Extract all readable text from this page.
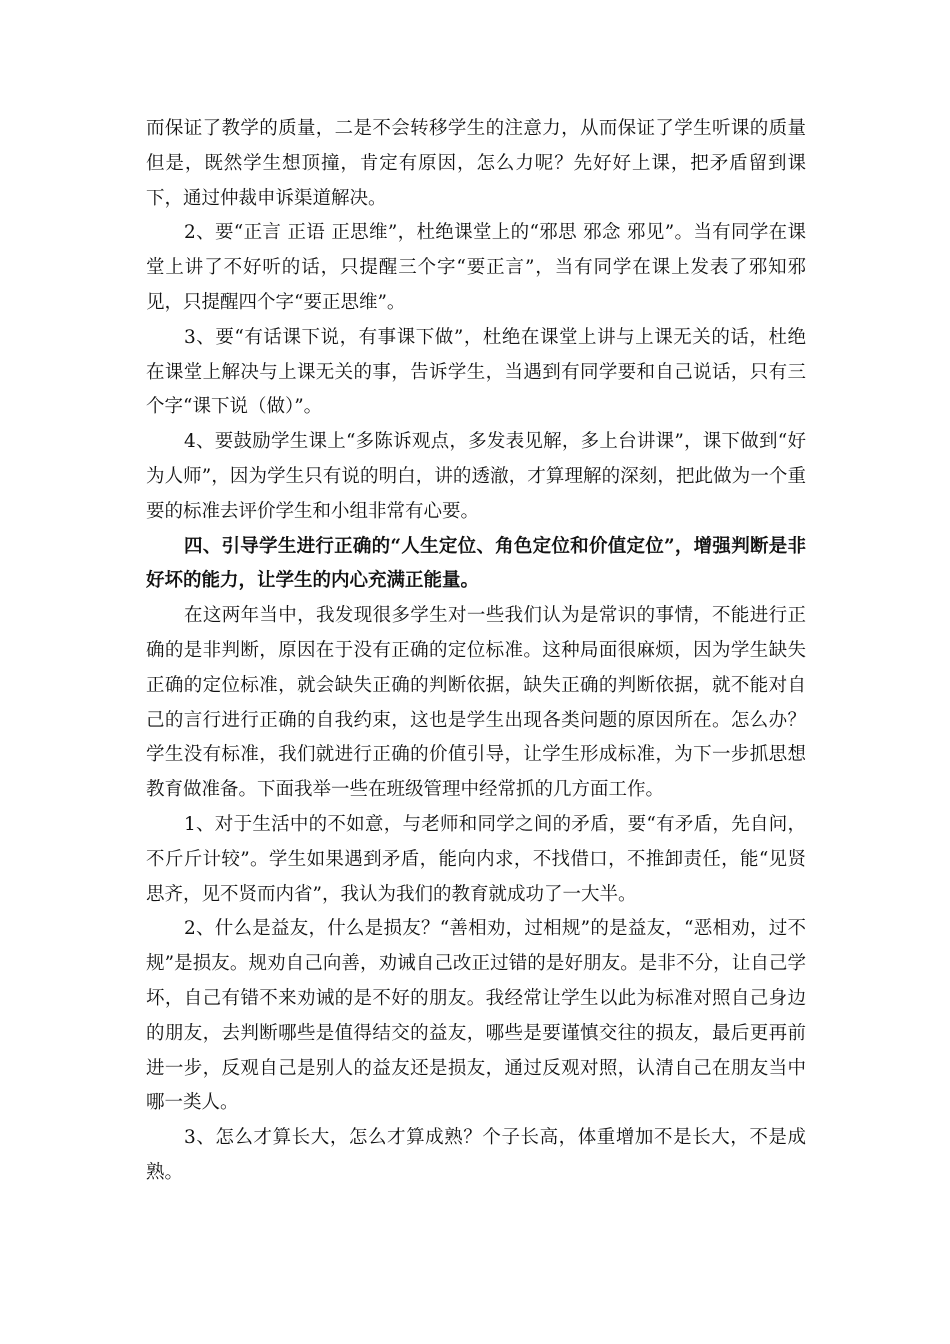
而保证了教学的质量，二是不会转移学生的注意力，从而保证了学生听课的质量但是，既然学生想顶撞，肯定有原因，怎么力呢？先好好上课，把矛盾留到课下，通过仲裁申诉渠道解决。

2、要“正言 正语 正思维”，杜绝课堂上的“邪思 邪念 邪见”。当有同学在课堂上讲了不好听的话，只提醒三个字“要正言”，当有同学在课上发表了邪知邪见，只提醒四个字“要正思维”。

3、要“有话课下说，有事课下做”，杜绝在课堂上讲与上课无关的话，杜绝在课堂上解决与上课无关的事，告诉学生，当遇到有同学要和自己说话，只有三个字“课下说（做）”。

4、要鼓励学生课上“多陈诉观点，多发表见解，多上台讲课”，课下做到“好为人师”，因为学生只有说的明白，讲的透澈，才算理解的深刻，把此做为一个重要的标准去评价学生和小组非常有心要。

四、引导学生进行正确的“人生定位、角色定位和价值定位”，增强判断是非好坏的能力，让学生的内心充满正能量。

在这两年当中，我发现很多学生对一些我们认为是常识的事情，不能进行正确的是非判断，原因在于没有正确的定位标准。这种局面很麻烦，因为学生缺失正确的定位标准，就会缺失正确的判断依据，缺失正确的判断依据，就不能对自己的言行进行正确的自我约束，这也是学生出现各类问题的原因所在。怎么办？学生没有标准，我们就进行正确的价值引导，让学生形成标准，为下一步抓思想教育做准备。下面我举一些在班级管理中经常抓的几方面工作。

1、对于生活中的不如意，与老师和同学之间的矛盾，要“有矛盾，先自问，不斤斤计较”。学生如果遇到矛盾，能向内求，不找借口，不推卸责任，能“见贤思齐，见不贤而内省”，我认为我们的教育就成功了一大半。

2、什么是益友，什么是损友？“善相劝，过相规”的是益友，“恶相劝，过不规”是损友。规劝自己向善，劝诫自己改正过错的是好朋友。是非不分，让自己学坏，自己有错不来劝诫的是不好的朋友。我经常让学生以此为标准对照自己身边的朋友，去判断哪些是值得结交的益友，哪些是要谨慎交往的损友，最后更再前进一步，反观自己是别人的益友还是损友，通过反观对照，认清自己在朋友当中哪一类人。

3、怎么才算长大，怎么才算成熟？个子长高，体重增加不是长大，不是成熟。
